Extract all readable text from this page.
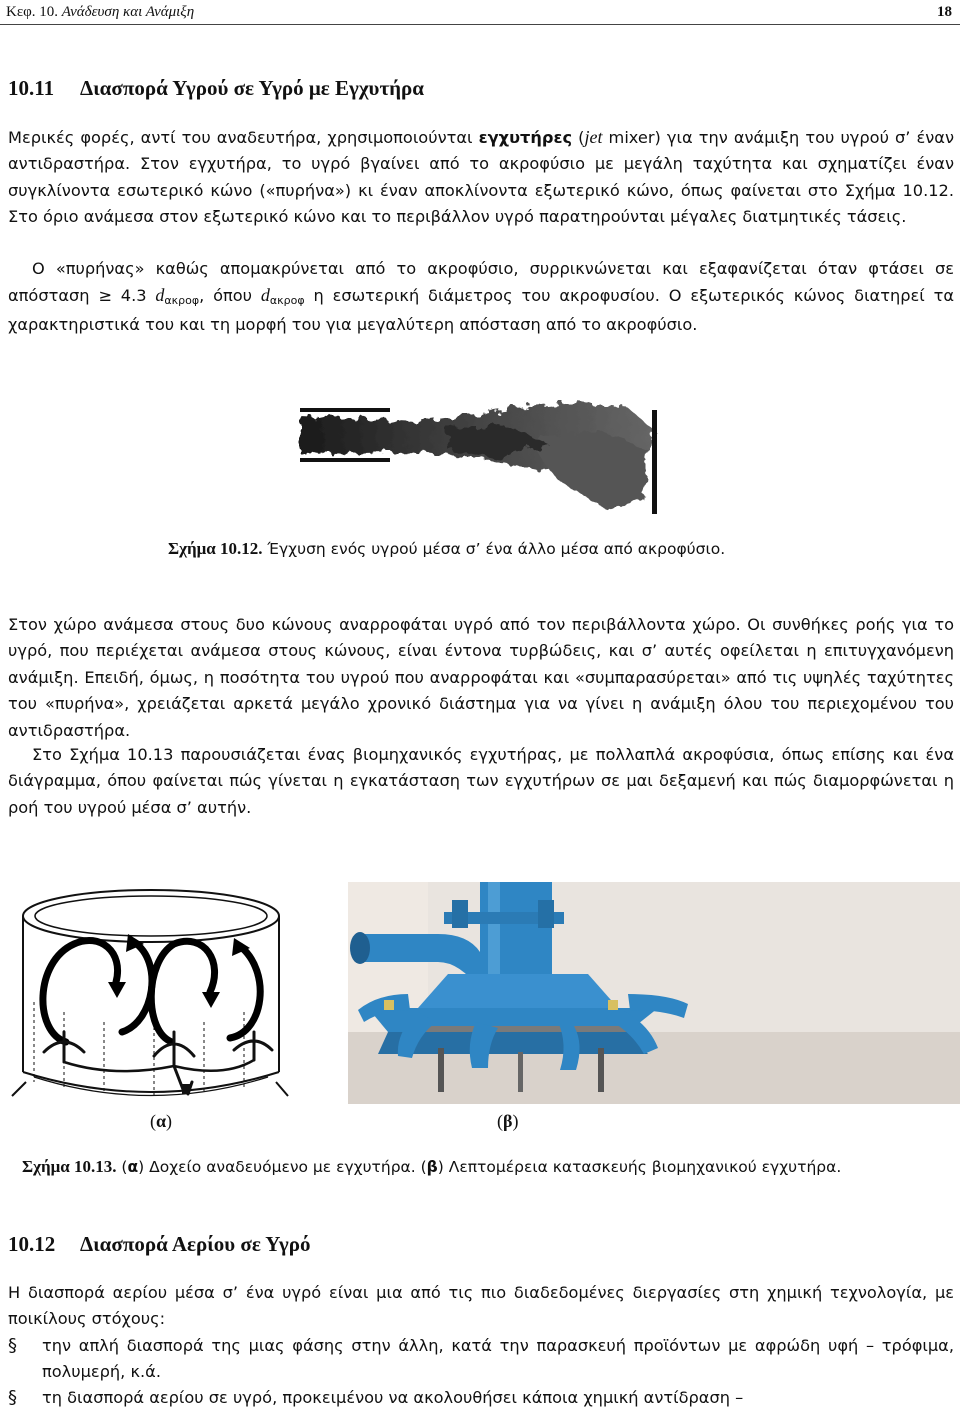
Κεφ. 10. Ανάδευση και Ανάμιξη	18
10.11 Διασπορά Υγρού σε Υγρό με Εγχυτήρα

Μερικές φορές, αντί του αναδευτήρα, χρησιμοποιούνται εγχυτήρες (jet mixer) για την ανάμιξη του υγρού σ’ έναν αντιδραστήρα. Στον εγχυτήρα, το υγρό βγαίνει από το ακροφύσιο με μεγάλη ταχύτητα και σχηματίζει έναν συγκλίνοντα εσωτερικό κώνο («πυρήνα») κι έναν αποκλίνοντα εξωτερικό κώνο, όπως φαίνεται στο Σχήμα 10.12. Στο όριο ανάμεσα στον εξωτερικό κώνο και το περιβάλλον υγρό παρατηρούνται μέγαλες διατμητικές τάσεις.

Ο «πυρήνας» καθώς απομακρύνεται από το ακροφύσιο, συρρικνώνεται και εξαφανίζεται όταν φτάσει σε απόσταση ≥ 4.3 dακροφ, όπου dακροφ η εσωτερική διάμετρος του ακροφυσίου. Ο εξωτερικός κώνος διατηρεί τα χαρακτηριστικά του και τη μορφή του για μεγαλύτερη απόσταση από το ακροφύσιο.

Σχήμα 10.12. Έγχυση ενός υγρού μέσα σ’ ένα άλλο μέσα από ακροφύσιο.

Στον χώρο ανάμεσα στους δυο κώνους αναρροφάται υγρό από τον περιβάλλοντα χώρο. Οι συνθήκες ροής για το υγρό, που περιέχεται ανάμεσα στους κώνους, είναι έντονα τυρβώδεις, και σ’ αυτές οφείλεται η επιτυγχανόμενη ανάμιξη. Επειδή, όμως, η ποσότητα του υγρού που αναρροφάται και «συμπαρασύρεται» από τις υψηλές ταχύτητες του «πυρήνα», χρειάζεται αρκετά μεγάλο χρονικό διάστημα για να γίνει η ανάμιξη όλου του περιεχομένου του αντιδραστήρα.

Στο Σχήμα 10.13 παρουσιάζεται ένας βιομηχανικός εγχυτήρας, με πολλαπλά ακροφύσια, όπως επίσης και ένα διάγραμμα, όπου φαίνεται πώς γίνεται η εγκατάσταση των εγχυτήρων σε μαι δεξαμενή και πώς διαμορφώνεται η ροή του υγρού μέσα σ’ αυτήν.

(α)	(β)
Σχήμα 10.13. (α) Δοχείο αναδευόμενο με εγχυτήρα. (β) Λεπτομέρεια κατασκευής βιομηχανικού εγχυτήρα.
10.12 Διασπορά Αερίου σε Υγρό

Η διασπορά αερίου μέσα σ’ ένα υγρό είναι μια από τις πιο διαδεδομένες διεργασίες στη χημική τεχνολογία, με ποικίλους στόχους:

§	την απλή διασπορά της μιας φάσης στην άλλη, κατά την παρασκευή προϊόντων με αφρώδη υφή – τρόφιμα, πολυμερή, κ.ά.
§	τη διασπορά αερίου σε υγρό, προκειμένου να ακολουθήσει κάποια χημική αντίδραση –
